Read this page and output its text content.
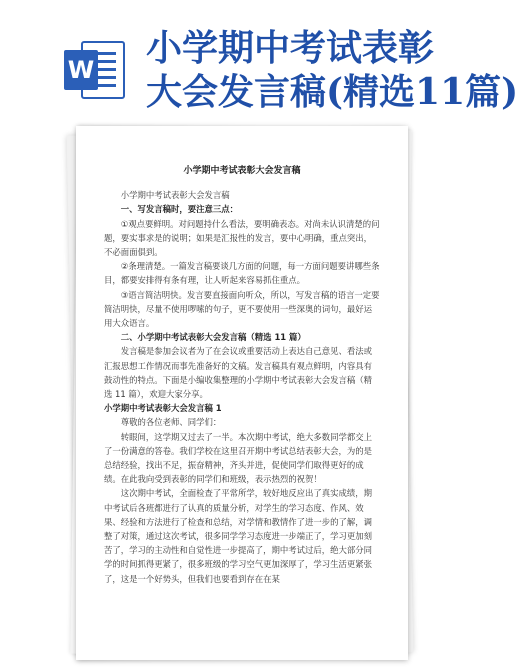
W
小学期中考试表彰
大会发言稿(精选11篇)
小学期中考试表彰大会发言稿

小学期中考试表彰大会发言稿

一、写发言稿时，要注意三点：

①观点要鲜明。对问题持什么看法，要明确表态。对尚未认识清楚的问题，要实事求是的说明；如果是汇报性的发言，要中心明确，重点突出，不必面面俱到。

②条理清楚。一篇发言稿要谈几方面的问题，每一方面问题要讲哪些条目，都要安排得有条有理，让人听起来容易抓住重点。

③语言简洁明快。发言要直接面向听众，所以，写发言稿的语言一定要简洁明快，尽量不使用啰嗦的句子，更不要使用一些深奥的词句，最好运用大众语言。

二、小学期中考试表彰大会发言稿（精选 11 篇）

发言稿是参加会议者为了在会议或重要活动上表达自己意见、看法或汇报思想工作情况而事先准备好的文稿。发言稿具有观点鲜明，内容具有鼓动性的特点。下面是小编收集整理的小学期中考试表彰大会发言稿（精选 11 篇），欢迎大家分享。

小学期中考试表彰大会发言稿 1

尊敬的各位老师、同学们：

转眼间，这学期又过去了一半。本次期中考试，绝大多数同学都交上了一份满意的答卷。我们学校在这里召开期中考试总结表彰大会，为的是总结经验，找出不足，振奋精神，齐头并进，促使同学们取得更好的成绩。在此我向受到表彰的同学们和班级，表示热烈的祝贺！

这次期中考试，全面检查了平常所学，较好地反应出了真实成绩，期中考试后各班都进行了认真的质量分析，对学生的学习态度、作风、效果、经验和方法进行了检查和总结，对学情和教情作了进一步的了解，调整了对策，通过这次考试，很多同学学习态度进一步端正了，学习更加刻苦了，学习的主动性和自觉性进一步提高了，期中考试过后，绝大部分同学的时间抓得更紧了，很多班级的学习空气更加深厚了，学习生活更紧张了，这是一个好势头，但我们也要看到存在在某
